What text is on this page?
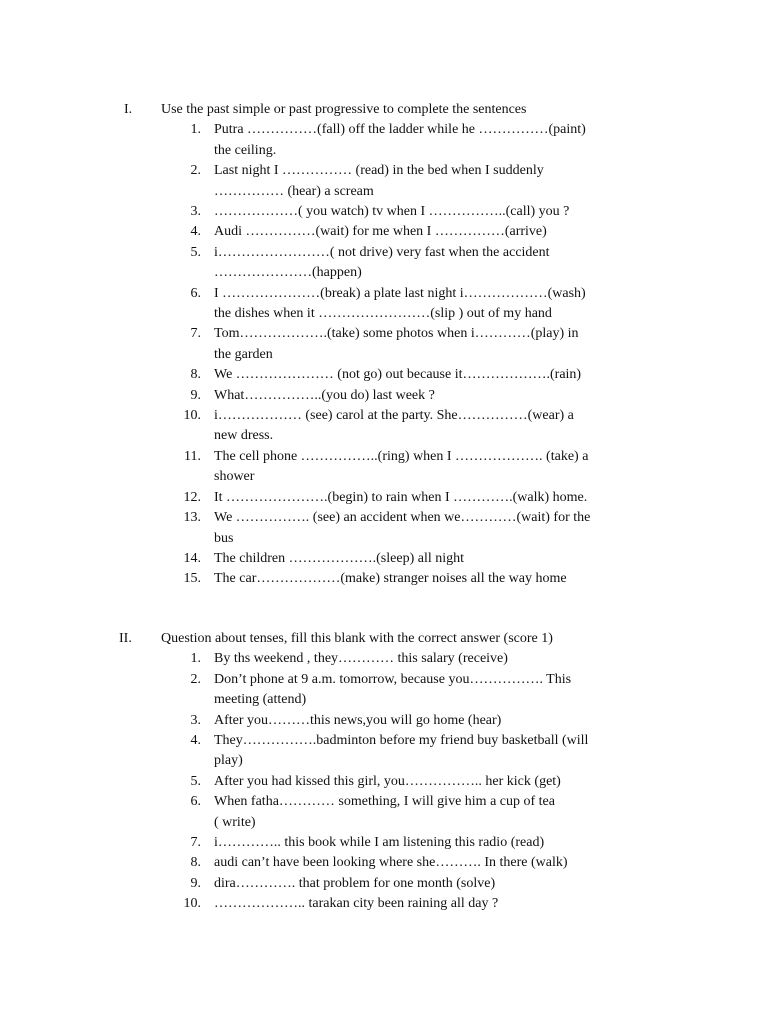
I. Use the past simple or past progressive to complete the sentences
1. Putra ……………(fall) off the ladder while he ……………(paint)
the ceiling.
2. Last night I …………… (read) in the bed when I suddenly
…………… (hear) a scream
3. ………………( you watch) tv when I ……………..(call) you ?
4. Audi ……………(wait) for me when I ……………(arrive)
5. i……………………( not drive) very fast when the accident
…………………(happen)
6. I …………………(break) a plate last night i………………(wash)
the dishes when it ……………………(slip ) out of my hand
7. Tom……………….(take) some photos when i…………(play) in
the garden
8. We ………………… (not go) out because it……………….(rain)
9. What……………..(you do) last week ?
10. i……………… (see) carol at the party. She……………(wear) a
new dress.
11. The cell phone ……………..(ring) when I ………………. (take) a
shower
12. It ………………….(begin) to rain when I ………….(walk) home.
13. We ……………. (see) an accident when we…………(wait) for the
bus
14. The children ……………….(sleep) all night
15. The car………………(make) stranger noises all the way home
II. Question about tenses, fill this blank with the correct answer (score 1)
1. By ths weekend , they………… this salary (receive)
2. Don’t phone at 9 a.m. tomorrow, because you……………. This
meeting (attend)
3. After you………this news,you will go home (hear)
4. They…………….badminton before my friend buy basketball (will
play)
5. After you had kissed this girl, you…………….. her kick (get)
6. When fatha………… something, I will give him a cup of tea
( write)
7. i………….. this book while I am listening this radio (read)
8. audi can’t have been looking where she………. In there (walk)
9. dira…………. that problem for one month (solve)
10. ……………….. tarakan city been raining all day ?
